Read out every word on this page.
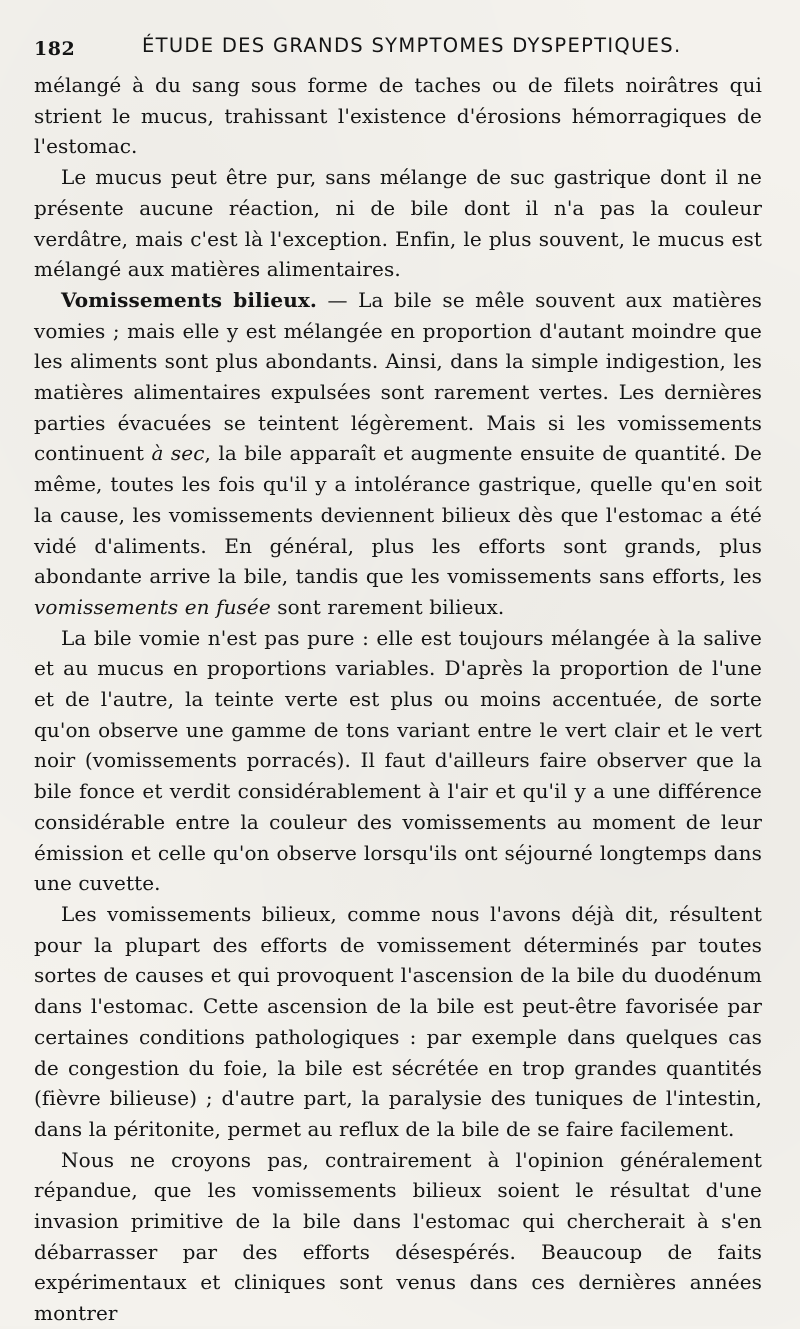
182	ÉTUDE DES GRANDS SYMPTOMES DYSPEPTIQUES.

mélangé à du sang sous forme de taches ou de filets noirâtres qui strient le mucus, trahissant l'existence d'érosions hémorragiques de l'estomac.

Le mucus peut être pur, sans mélange de suc gastrique dont il ne présente aucune réaction, ni de bile dont il n'a pas la couleur verdâtre, mais c'est là l'exception. Enfin, le plus souvent, le mucus est mélangé aux matières alimentaires.

Vomissements bilieux. — La bile se mêle souvent aux matières vomies ; mais elle y est mélangée en proportion d'autant moindre que les aliments sont plus abondants. Ainsi, dans la simple indigestion, les matières alimentaires expulsées sont rarement vertes. Les dernières parties évacuées se teintent légèrement. Mais si les vomissements continuent à sec, la bile apparaît et augmente ensuite de quantité. De même, toutes les fois qu'il y a intolérance gastrique, quelle qu'en soit la cause, les vomissements deviennent bilieux dès que l'estomac a été vidé d'aliments. En général, plus les efforts sont grands, plus abondante arrive la bile, tandis que les vomissements sans efforts, les vomissements en fusée sont rarement bilieux.

La bile vomie n'est pas pure : elle est toujours mélangée à la salive et au mucus en proportions variables. D'après la proportion de l'une et de l'autre, la teinte verte est plus ou moins accentuée, de sorte qu'on observe une gamme de tons variant entre le vert clair et le vert noir (vomissements porracés). Il faut d'ailleurs faire observer que la bile fonce et verdit considérablement à l'air et qu'il y a une différence considérable entre la couleur des vomissements au moment de leur émission et celle qu'on observe lorsqu'ils ont séjourné longtemps dans une cuvette.

Les vomissements bilieux, comme nous l'avons déjà dit, résultent pour la plupart des efforts de vomissement déterminés par toutes sortes de causes et qui provoquent l'ascension de la bile du duodénum dans l'estomac. Cette ascension de la bile est peut-être favorisée par certaines conditions pathologiques : par exemple dans quelques cas de congestion du foie, la bile est sécrétée en trop grandes quantités (fièvre bilieuse) ; d'autre part, la paralysie des tuniques de l'intestin, dans la péritonite, permet au reflux de la bile de se faire facilement.

Nous ne croyons pas, contrairement à l'opinion généralement répandue, que les vomissements bilieux soient le résultat d'une invasion primitive de la bile dans l'estomac qui chercherait à s'en débarrasser par des efforts désespérés. Beaucoup de faits expérimentaux et cliniques sont venus dans ces dernières années montrer
